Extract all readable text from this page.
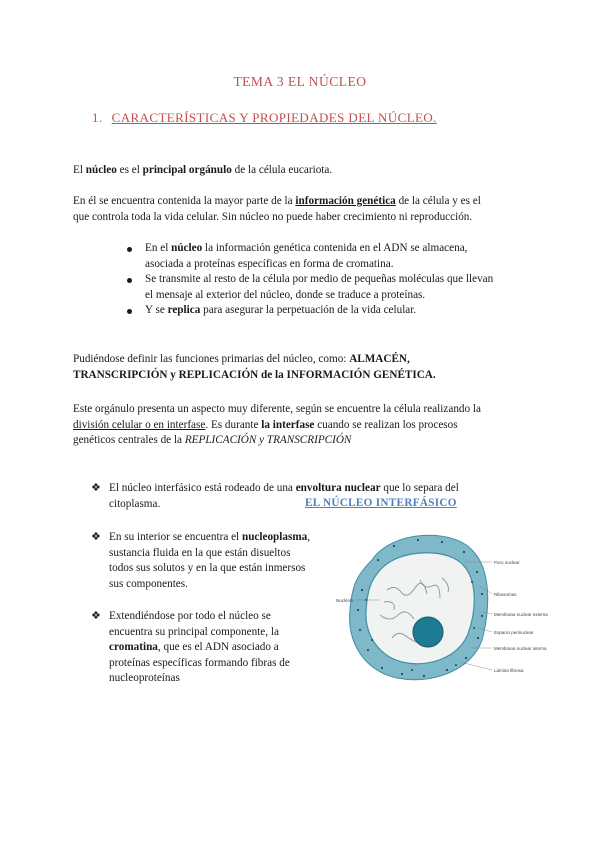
TEMA 3 EL NÚCLEO
1. CARACTERÍSTICAS Y PROPIEDADES DEL NÚCLEO.
El núcleo es el principal orgánulo de la célula eucariota.
En él se encuentra contenida la mayor parte de la información genética de la célula y es el
que controla toda la vida celular. Sin núcleo no puede haber crecimiento ni reproducción.
En el núcleo la información genética contenida en el ADN se almacena,
asociada a proteínas específicas en forma de cromatina.
Se transmite al resto de la célula por medio de pequeñas moléculas que llevan
el mensaje al exterior del núcleo, donde se traduce a proteínas.
Y se replica para asegurar la perpetuación de la vida celular.
Pudiéndose definir las funciones primarias del núcleo, como: ALMACÉN,
TRANSCRIPCIÓN y REPLICACIÓN de la INFORMACIÓN GENÉTICA.
Este orgánulo presenta un aspecto muy diferente, según se encuentre la célula realizando la
división celular o en interfase. Es durante la interfase cuando se realizan los procesos
genéticos centrales de la REPLICACIÓN y TRANSCRIPCIÓN
❖ El núcleo interfásico está rodeado de una envoltura nuclear que lo separa del
citoplasma.	EL NÚCLEO INTERFÁSICO
❖ En su interior se encuentra el nucleoplasma,
sustancia fluida en la que están disueltos
todos sus solutos y en la que están inmersos
sus componentes.
❖ Extendiéndose por todo el núcleo se
encuentra su principal componente, la
cromatina, que es el ADN asociado a
proteínas específicas formando fibras de
nucleoproteínas
Nucléolo
Poro nuclear
Ribosomas
Membrana nuclear externa
Espacio perinuclear
Membrana nuclear interna
Lámina fibrosa
